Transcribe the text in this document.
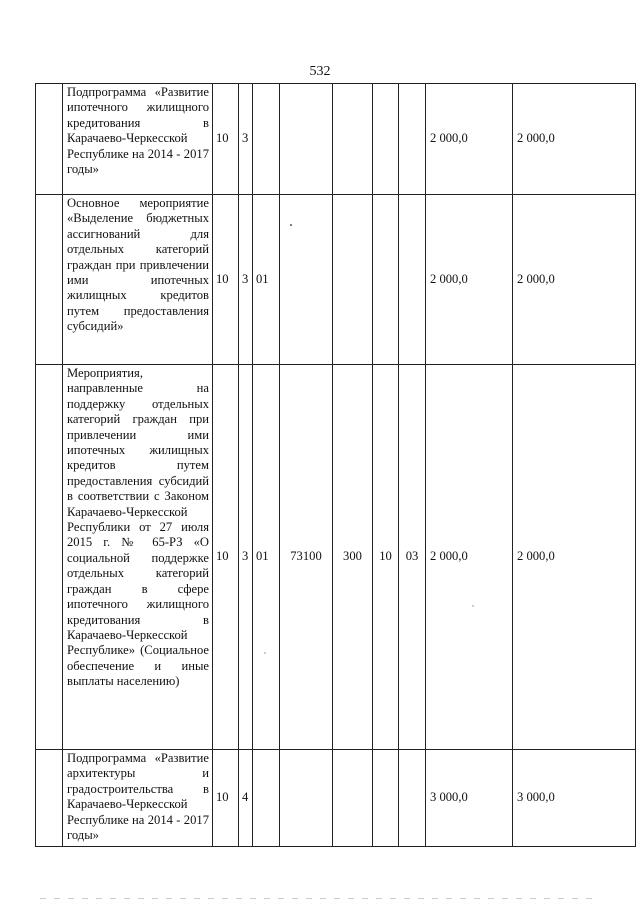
532
	Подпрограмма «Развитие ипотечного жилищного кредитования в Карачаево-Черкесской Республике на 2014 - 2017 годы»	10	3						2 000,0	2 000,0
	Основное мероприятие «Выделение бюджетных ассигнований для отдельных категорий граждан при привлечении ими ипотечных жилищных кредитов путем предоставления субсидий»	10	3	01					2 000,0	2 000,0
	Мероприятия, направленные на поддержку отдельных категорий граждан при привлечении ими ипотечных жилищных кредитов путем предоставления субсидий в соответствии с Законом Карачаево-Черкесской Республики от 27 июля 2015 г. № 65-РЗ «О социальной поддержке отдельных категорий граждан в сфере ипотечного жилищного кредитования в Карачаево-Черкесской Республике» (Социальное обеспечение и иные выплаты населению)	10	3	01	73100	300	10	03	2 000,0	2 000,0
	Подпрограмма «Развитие архитектуры и градостроительства в Карачаево-Черкесской Республике на 2014 - 2017 годы»	10	4						3 000,0	3 000,0
